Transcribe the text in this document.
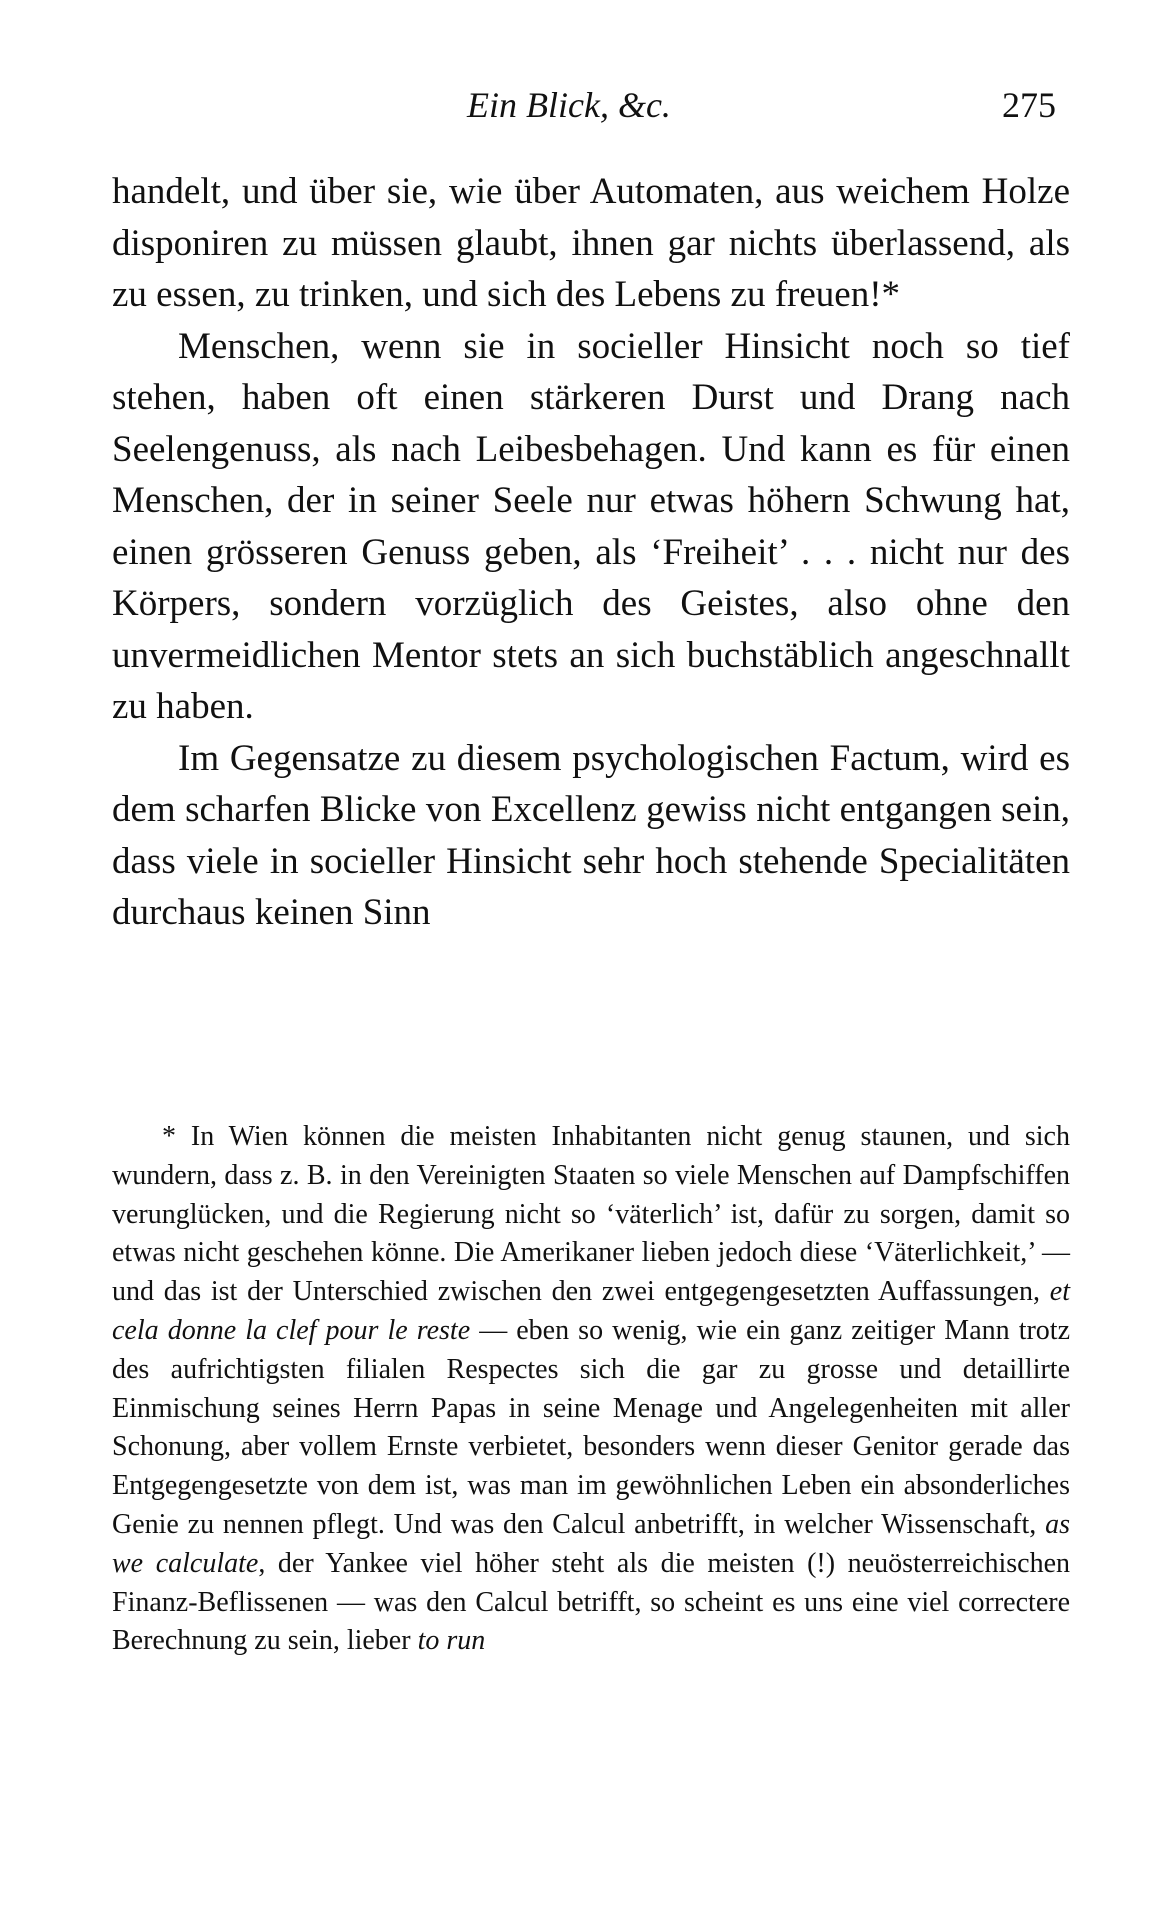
Ein Blick, &c.	275

handelt, und über sie, wie über Automaten, aus weichem Holze disponiren zu müssen glaubt, ihnen gar nichts überlassend, als zu essen, zu trinken, und sich des Lebens zu freuen!*

Menschen, wenn sie in socieller Hinsicht noch so tief stehen, haben oft einen stärkeren Durst und Drang nach Seelengenuss, als nach Leibesbehagen. Und kann es für einen Menschen, der in seiner Seele nur etwas höhern Schwung hat, einen grösseren Genuss geben, als ‘Freiheit’ . . . nicht nur des Körpers, sondern vorzüglich des Geistes, also ohne den unvermeidlichen Mentor stets an sich buchstäblich angeschnallt zu haben.

Im Gegensatze zu diesem psychologischen Factum, wird es dem scharfen Blicke von Excellenz gewiss nicht entgangen sein, dass viele in socieller Hinsicht sehr hoch stehende Specialitäten durchaus keinen Sinn

* In Wien können die meisten Inhabitanten nicht genug staunen, und sich wundern, dass z. B. in den Vereinigten Staaten so viele Menschen auf Dampfschiffen verunglücken, und die Regierung nicht so ‘väterlich’ ist, dafür zu sorgen, damit so etwas nicht geschehen könne. Die Amerikaner lieben jedoch diese ‘Väterlichkeit,’ — und das ist der Unterschied zwischen den zwei entgegengesetzten Auffassungen, et cela donne la clef pour le reste — eben so wenig, wie ein ganz zeitiger Mann trotz des aufrichtigsten filialen Respectes sich die gar zu grosse und detaillirte Einmischung seines Herrn Papas in seine Menage und Angelegenheiten mit aller Schonung, aber vollem Ernste verbietet, besonders wenn dieser Genitor gerade das Entgegengesetzte von dem ist, was man im gewöhnlichen Leben ein absonderliches Genie zu nennen pflegt. Und was den Calcul anbetrifft, in welcher Wissenschaft, as we calculate, der Yankee viel höher steht als die meisten (!) neuösterreichischen Finanz-Beflissenen — was den Calcul betrifft, so scheint es uns eine viel correctere Berechnung zu sein, lieber to run
